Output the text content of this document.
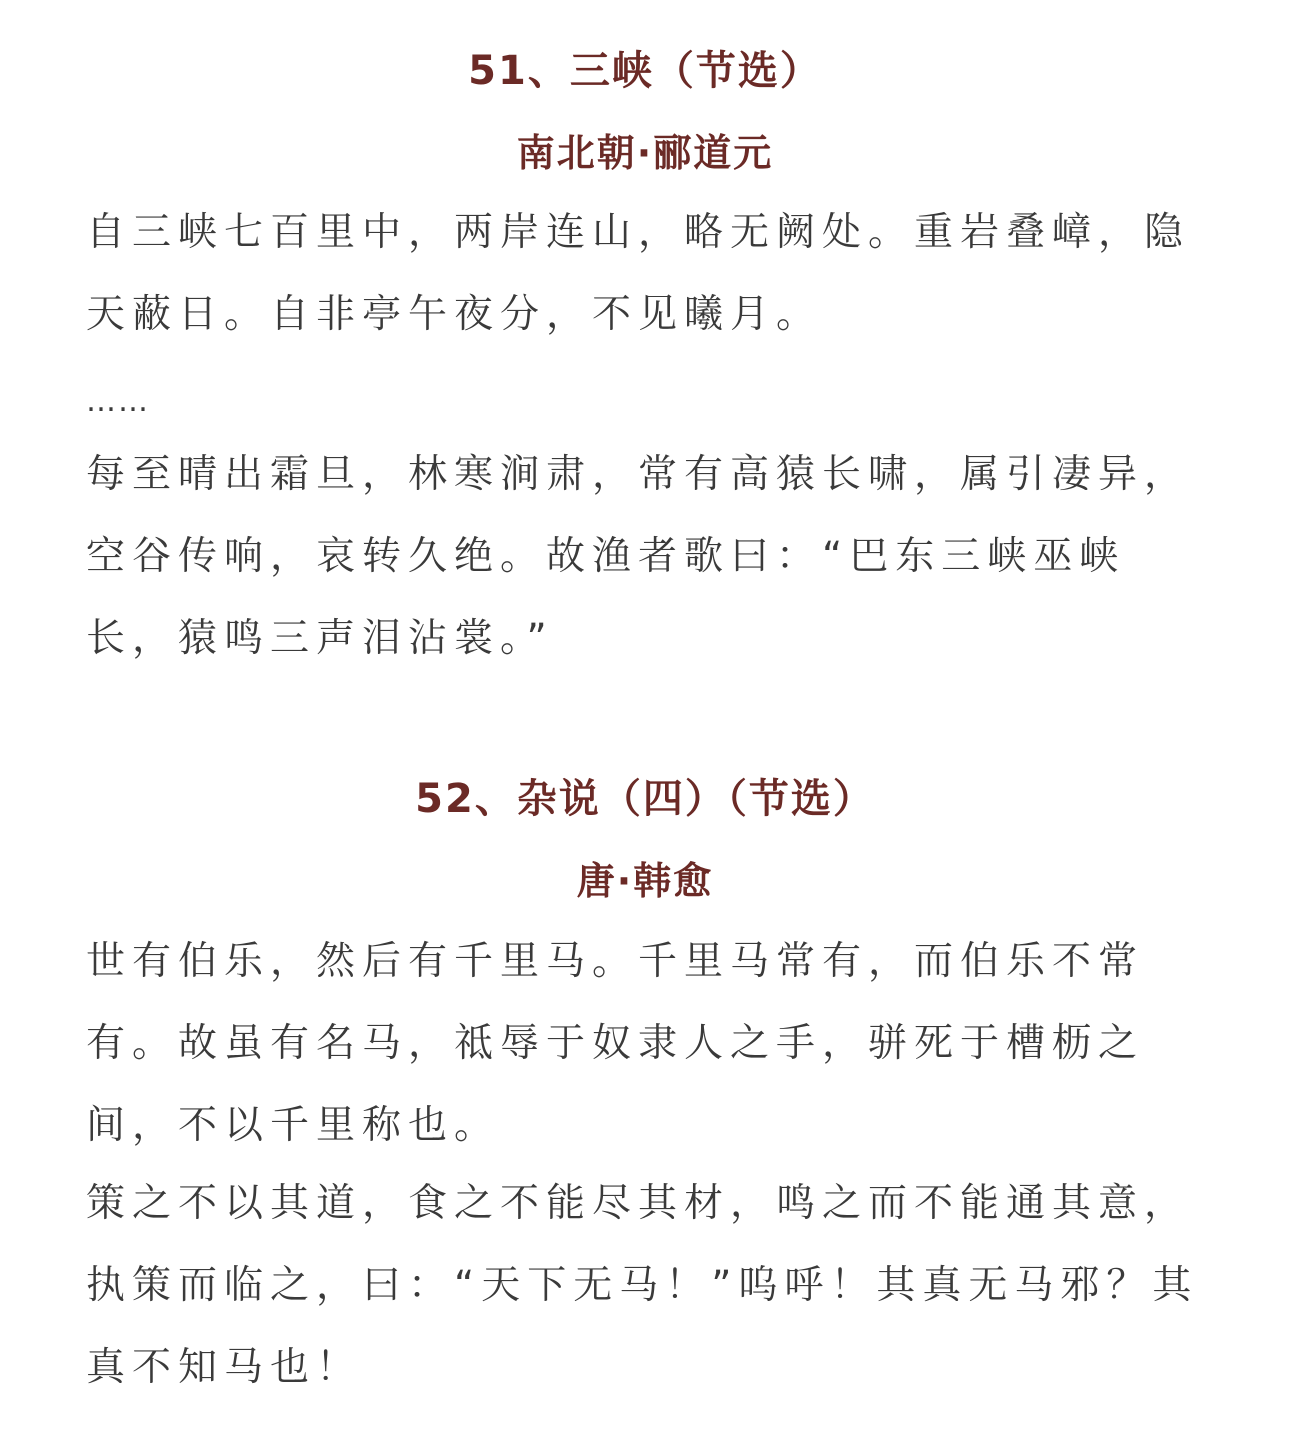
51、三峡（节选）
南北朝·郦道元

自三峡七百里中，两岸连山，略无阙处。重岩叠嶂，隐天蔽日。自非亭午夜分，不见曦月。

……

每至晴出霜旦，林寒涧肃，常有高猿长啸，属引凄异，空谷传响，哀转久绝。故渔者歌曰：“巴东三峡巫峡长，猿鸣三声泪沾裳。”

52、杂说（四）（节选）
唐·韩愈

世有伯乐，然后有千里马。千里马常有，而伯乐不常有。故虽有名马，祗辱于奴隶人之手，骈死于槽枥之间，不以千里称也。

策之不以其道，食之不能尽其材，鸣之而不能通其意，执策而临之，曰：“天下无马！”呜呼！其真无马邪？其真不知马也！
